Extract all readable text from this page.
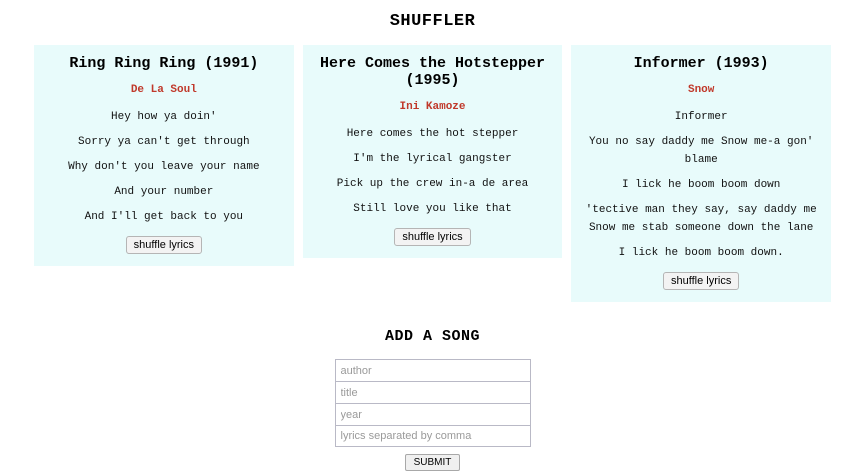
SHUFFLER
Ring Ring Ring (1991)
De La Soul

Hey how ya doin'

Sorry ya can't get through

Why don't you leave your name

And your number

And I'll get back to you

shuffle lyrics
Here Comes the Hotstepper (1995)
Ini Kamoze

Here comes the hot stepper

I'm the lyrical gangster

Pick up the crew in-a de area

Still love you like that

shuffle lyrics
Informer (1993)
Snow

Informer

You no say daddy me Snow me-a gon' blame

I lick he boom boom down

'tective man they say, say daddy me Snow me stab someone down the lane

I lick he boom boom down.

shuffle lyrics
ADD A SONG
author
title
year
lyrics separated by comma
SUBMIT
